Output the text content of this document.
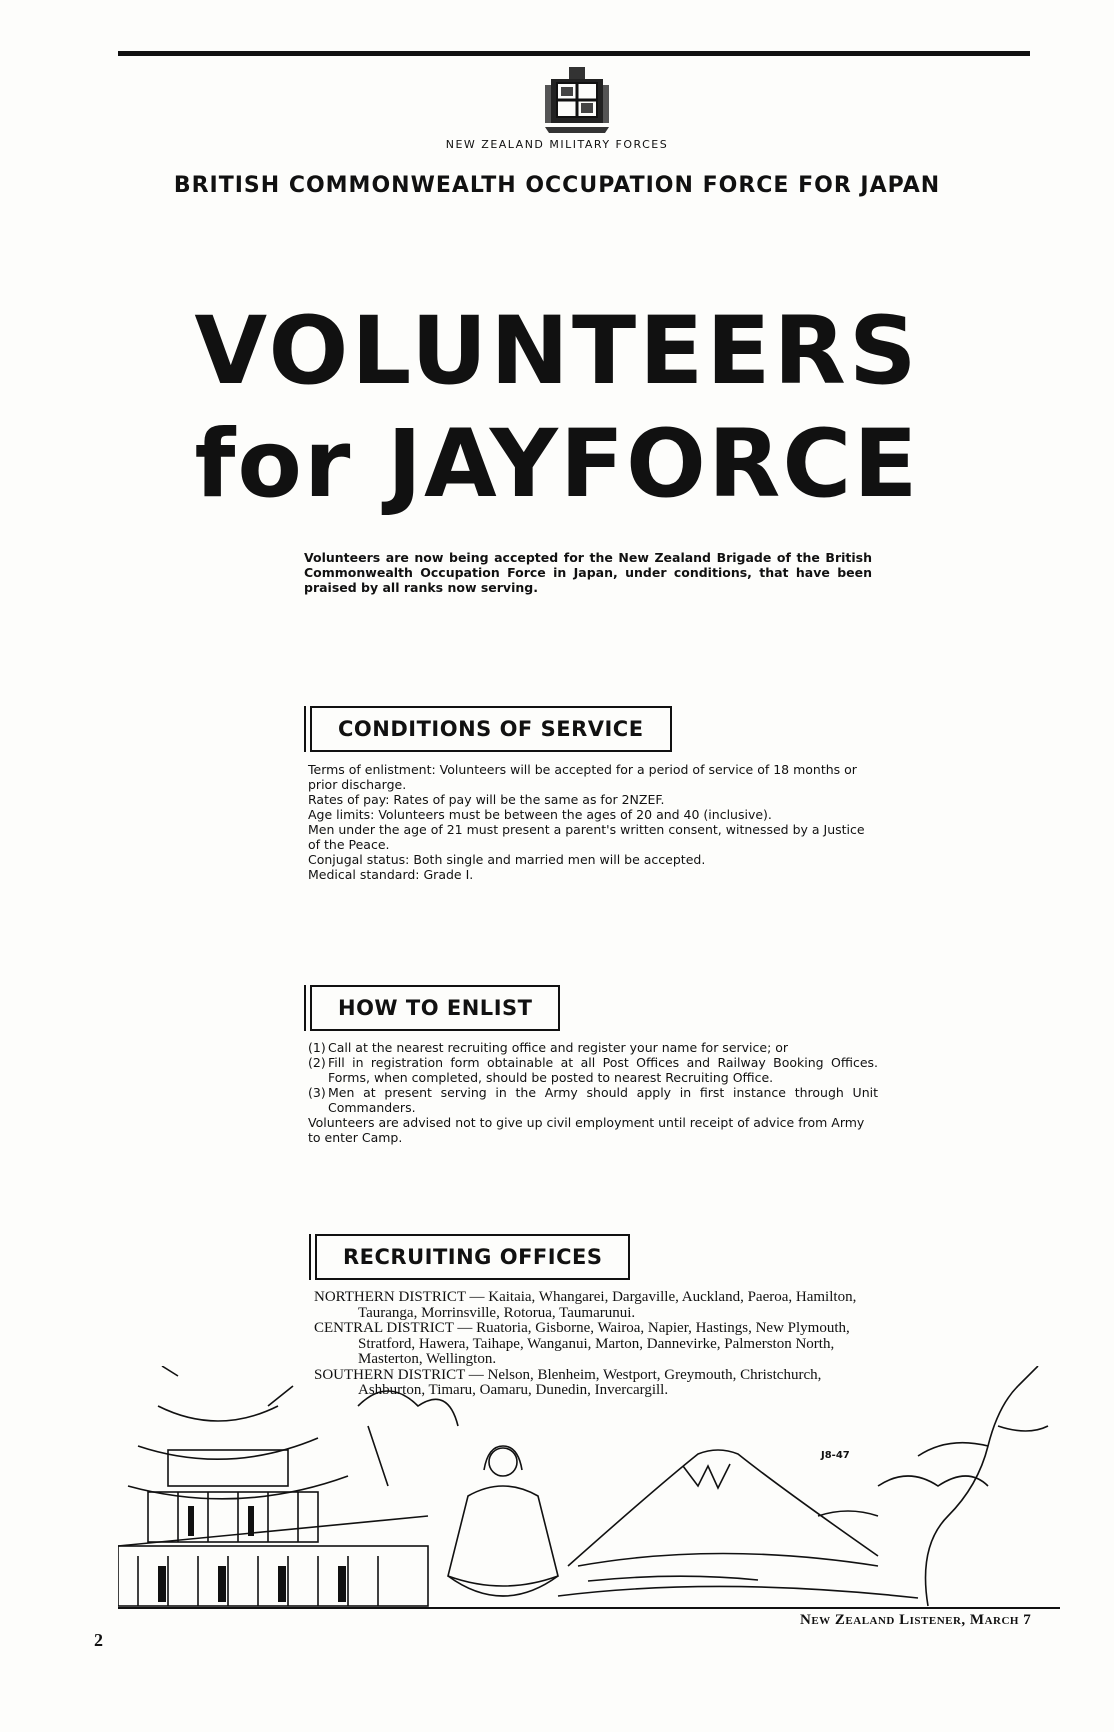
NEW ZEALAND MILITARY FORCES
BRITISH COMMONWEALTH OCCUPATION FORCE FOR JAPAN
VOLUNTEERS
for JAYFORCE
Volunteers are now being accepted for the New Zealand Brigade of the British Commonwealth Occupation Force in Japan, under conditions, that have been praised by all ranks now serving.
CONDITIONS OF SERVICE
Terms of enlistment: Volunteers will be accepted for a period of service of 18 months or prior discharge.
Rates of pay: Rates of pay will be the same as for 2NZEF.
Age limits: Volunteers must be between the ages of 20 and 40 (inclusive).
Men under the age of 21 must present a parent's written consent, witnessed by a Justice of the Peace.
Conjugal status: Both single and married men will be accepted.
Medical standard: Grade I.
HOW TO ENLIST
(1) Call at the nearest recruiting office and register your name for service; or
(2) Fill in registration form obtainable at all Post Offices and Railway Booking Offices. Forms, when completed, should be posted to nearest Recruiting Office.
(3) Men at present serving in the Army should apply in first instance through Unit Commanders.
Volunteers are advised not to give up civil employment until receipt of advice from Army to enter Camp.
RECRUITING OFFICES
NORTHERN DISTRICT — Kaitaia, Whangarei, Dargaville, Auckland, Paeroa, Hamilton, Tauranga, Morrinsville, Rotorua, Taumarunui.
CENTRAL DISTRICT — Ruatoria, Gisborne, Wairoa, Napier, Hastings, New Plymouth, Stratford, Hawera, Taihape, Wanganui, Marton, Dannevirke, Palmerston North, Masterton, Wellington.
SOUTHERN DISTRICT — Nelson, Blenheim, Westport, Greymouth, Christchurch, Ashburton, Timaru, Oamaru, Dunedin, Invercargill.
J8-47
2
New Zealand Listener, March 7
